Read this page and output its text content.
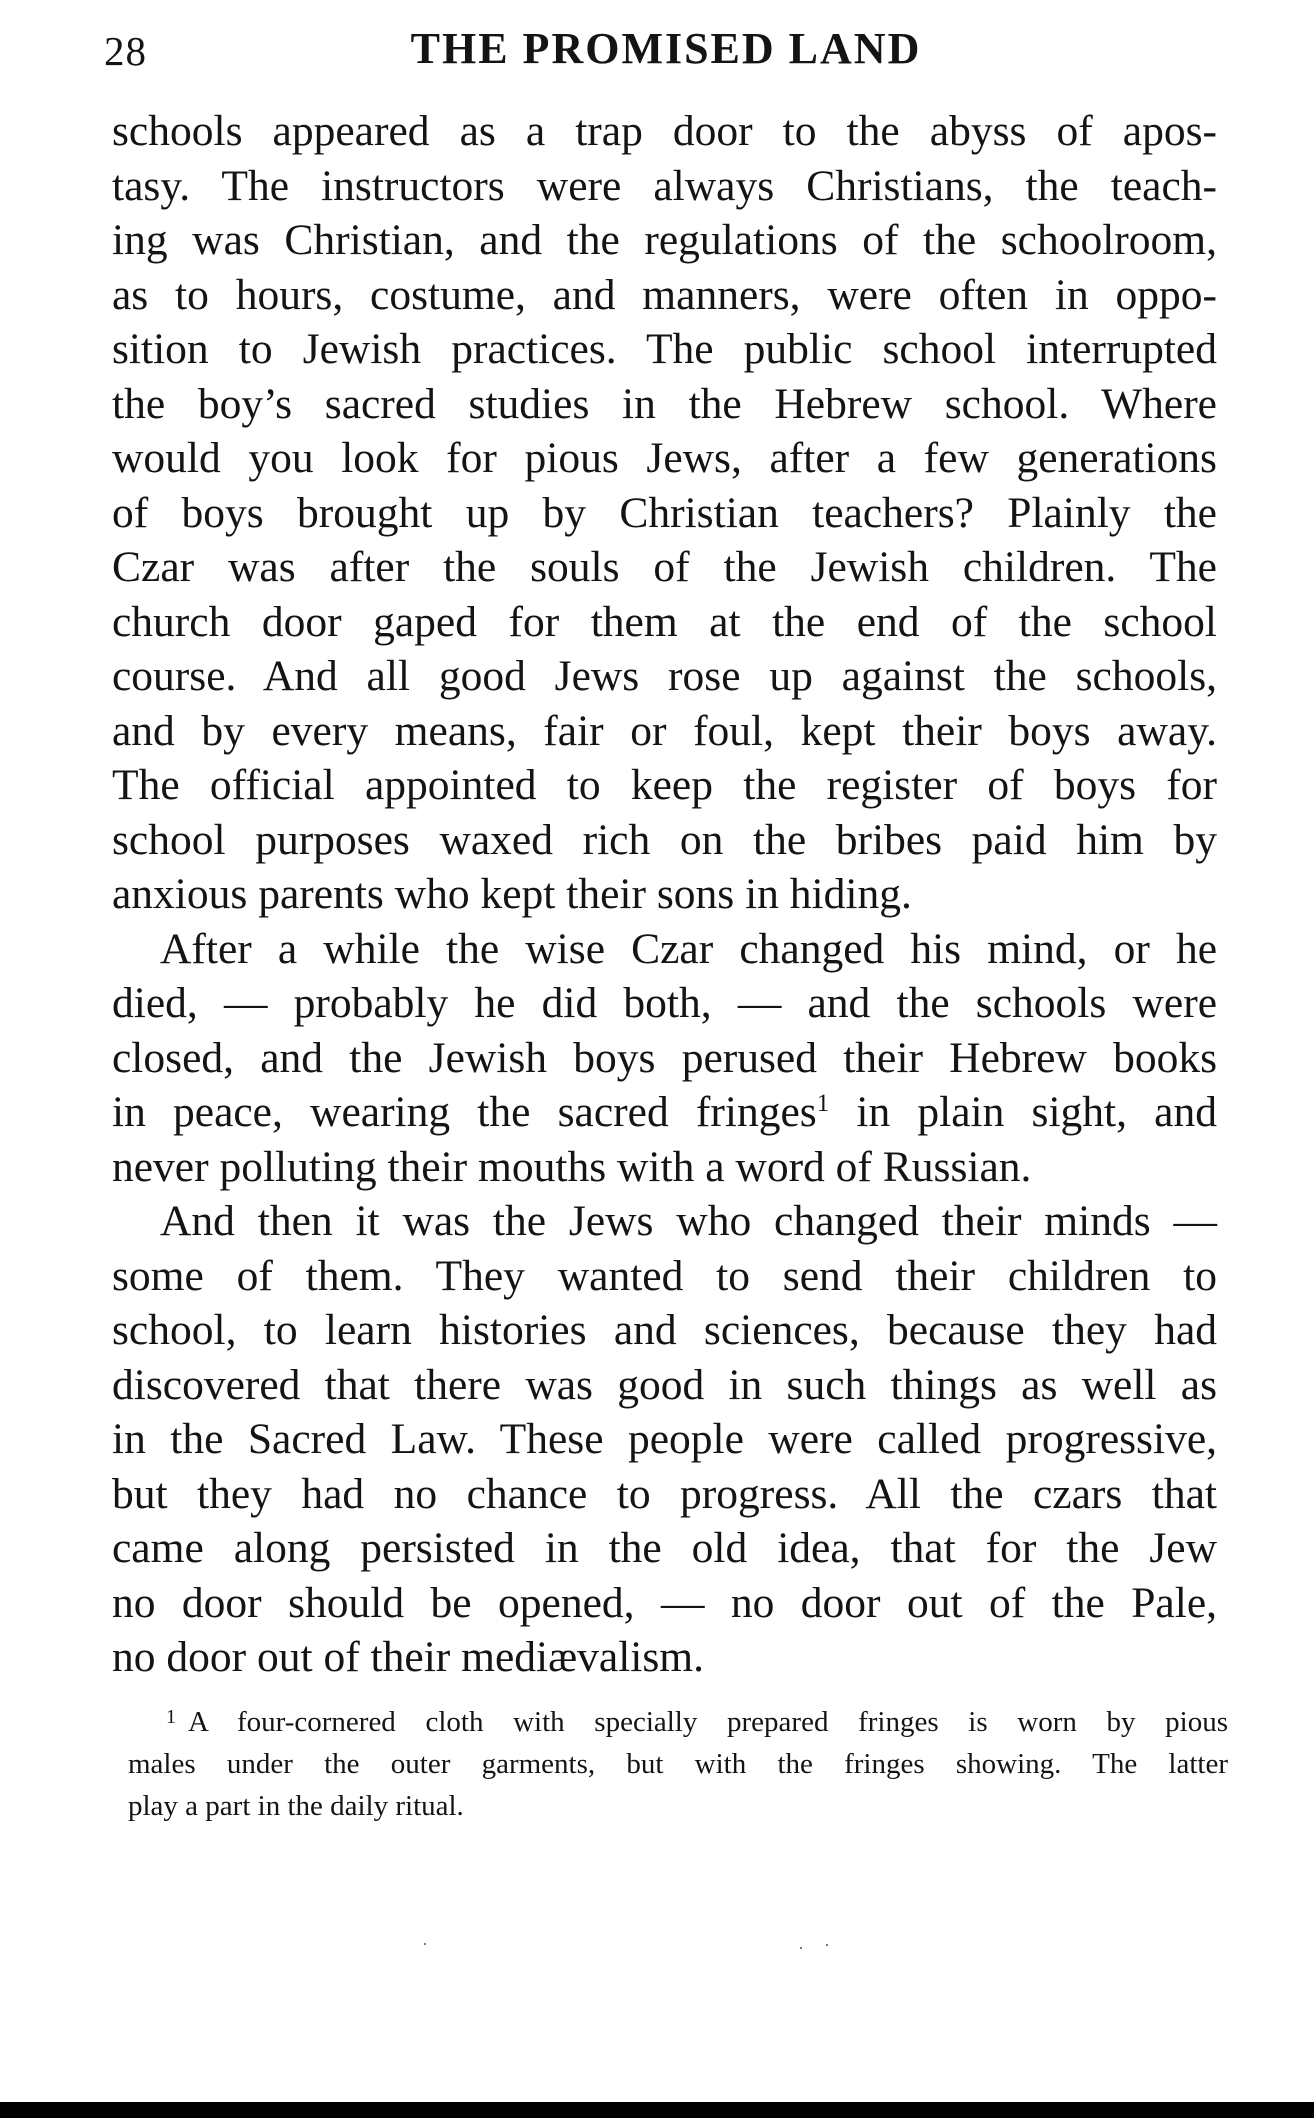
28	THE PROMISED LAND
schools appeared as a trap door to the abyss of apos-
tasy. The instructors were always Christians, the teach-
ing was Christian, and the regulations of the schoolroom,
as to hours, costume, and manners, were often in oppo-
sition to Jewish practices. The public school interrupted
the boy’s sacred studies in the Hebrew school. Where
would you look for pious Jews, after a few generations
of boys brought up by Christian teachers? Plainly the
Czar was after the souls of the Jewish children. The
church door gaped for them at the end of the school
course. And all good Jews rose up against the schools,
and by every means, fair or foul, kept their boys away.
The official appointed to keep the register of boys for
school purposes waxed rich on the bribes paid him by
anxious parents who kept their sons in hiding.
After a while the wise Czar changed his mind, or he
died, — probably he did both, — and the schools were
closed, and the Jewish boys perused their Hebrew books
in peace, wearing the sacred fringes$^1$ in plain sight, and
never polluting their mouths with a word of Russian.
And then it was the Jews who changed their minds —
some of them. They wanted to send their children to
school, to learn histories and sciences, because they had
discovered that there was good in such things as well as
in the Sacred Law. These people were called progressive,
but they had no chance to progress. All the czars that
came along persisted in the old idea, that for the Jew
no door should be opened, — no door out of the Pale,
no door out of their mediævalism.
$^1$ A four-cornered cloth with specially prepared fringes is worn by pious
males under the outer garments, but with the fringes showing. The latter
play a part in the daily ritual.
